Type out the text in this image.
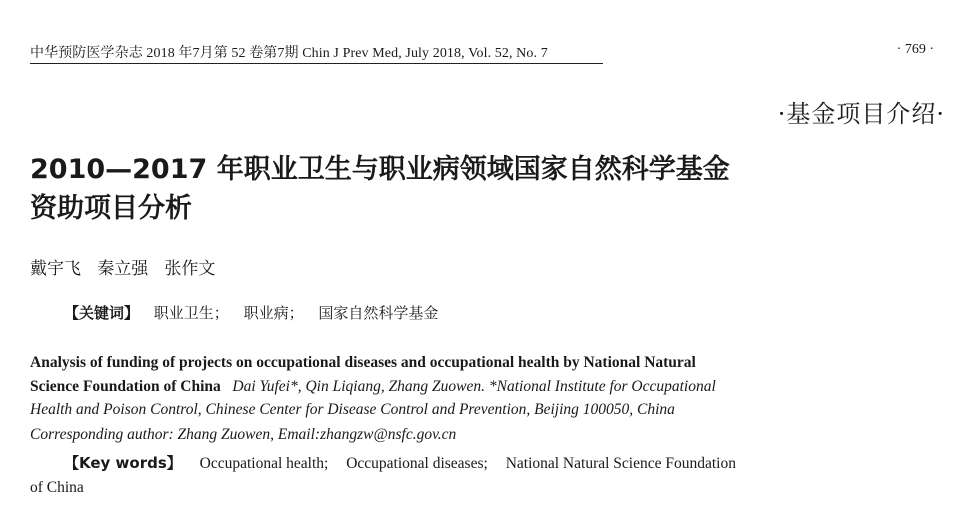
中华预防医学杂志 2018 年7月第 52 卷第7期 Chin J Prev Med, July 2018, Vol. 52, No. 7	· 769 ·
·基金项目介绍·
2010—2017 年职业卫生与职业病领域国家自然科学基金
资助项目分析
戴宇飞   秦立强   张作文
【关键词】 职业卫生； 职业病； 国家自然科学基金
Analysis of funding of projects on occupational diseases and occupational health by National Natural
Science Foundation of China Dai Yufei*, Qin Liqiang, Zhang Zuowen. *National Institute for Occupational
Health and Poison Control, Chinese Center for Disease Control and Prevention, Beijing 100050, China
Corresponding author: Zhang Zuowen, Email:zhangzw@nsfc.gov.cn
【Key words】 Occupational health; Occupational diseases; National Natural Science Foundation
of China
